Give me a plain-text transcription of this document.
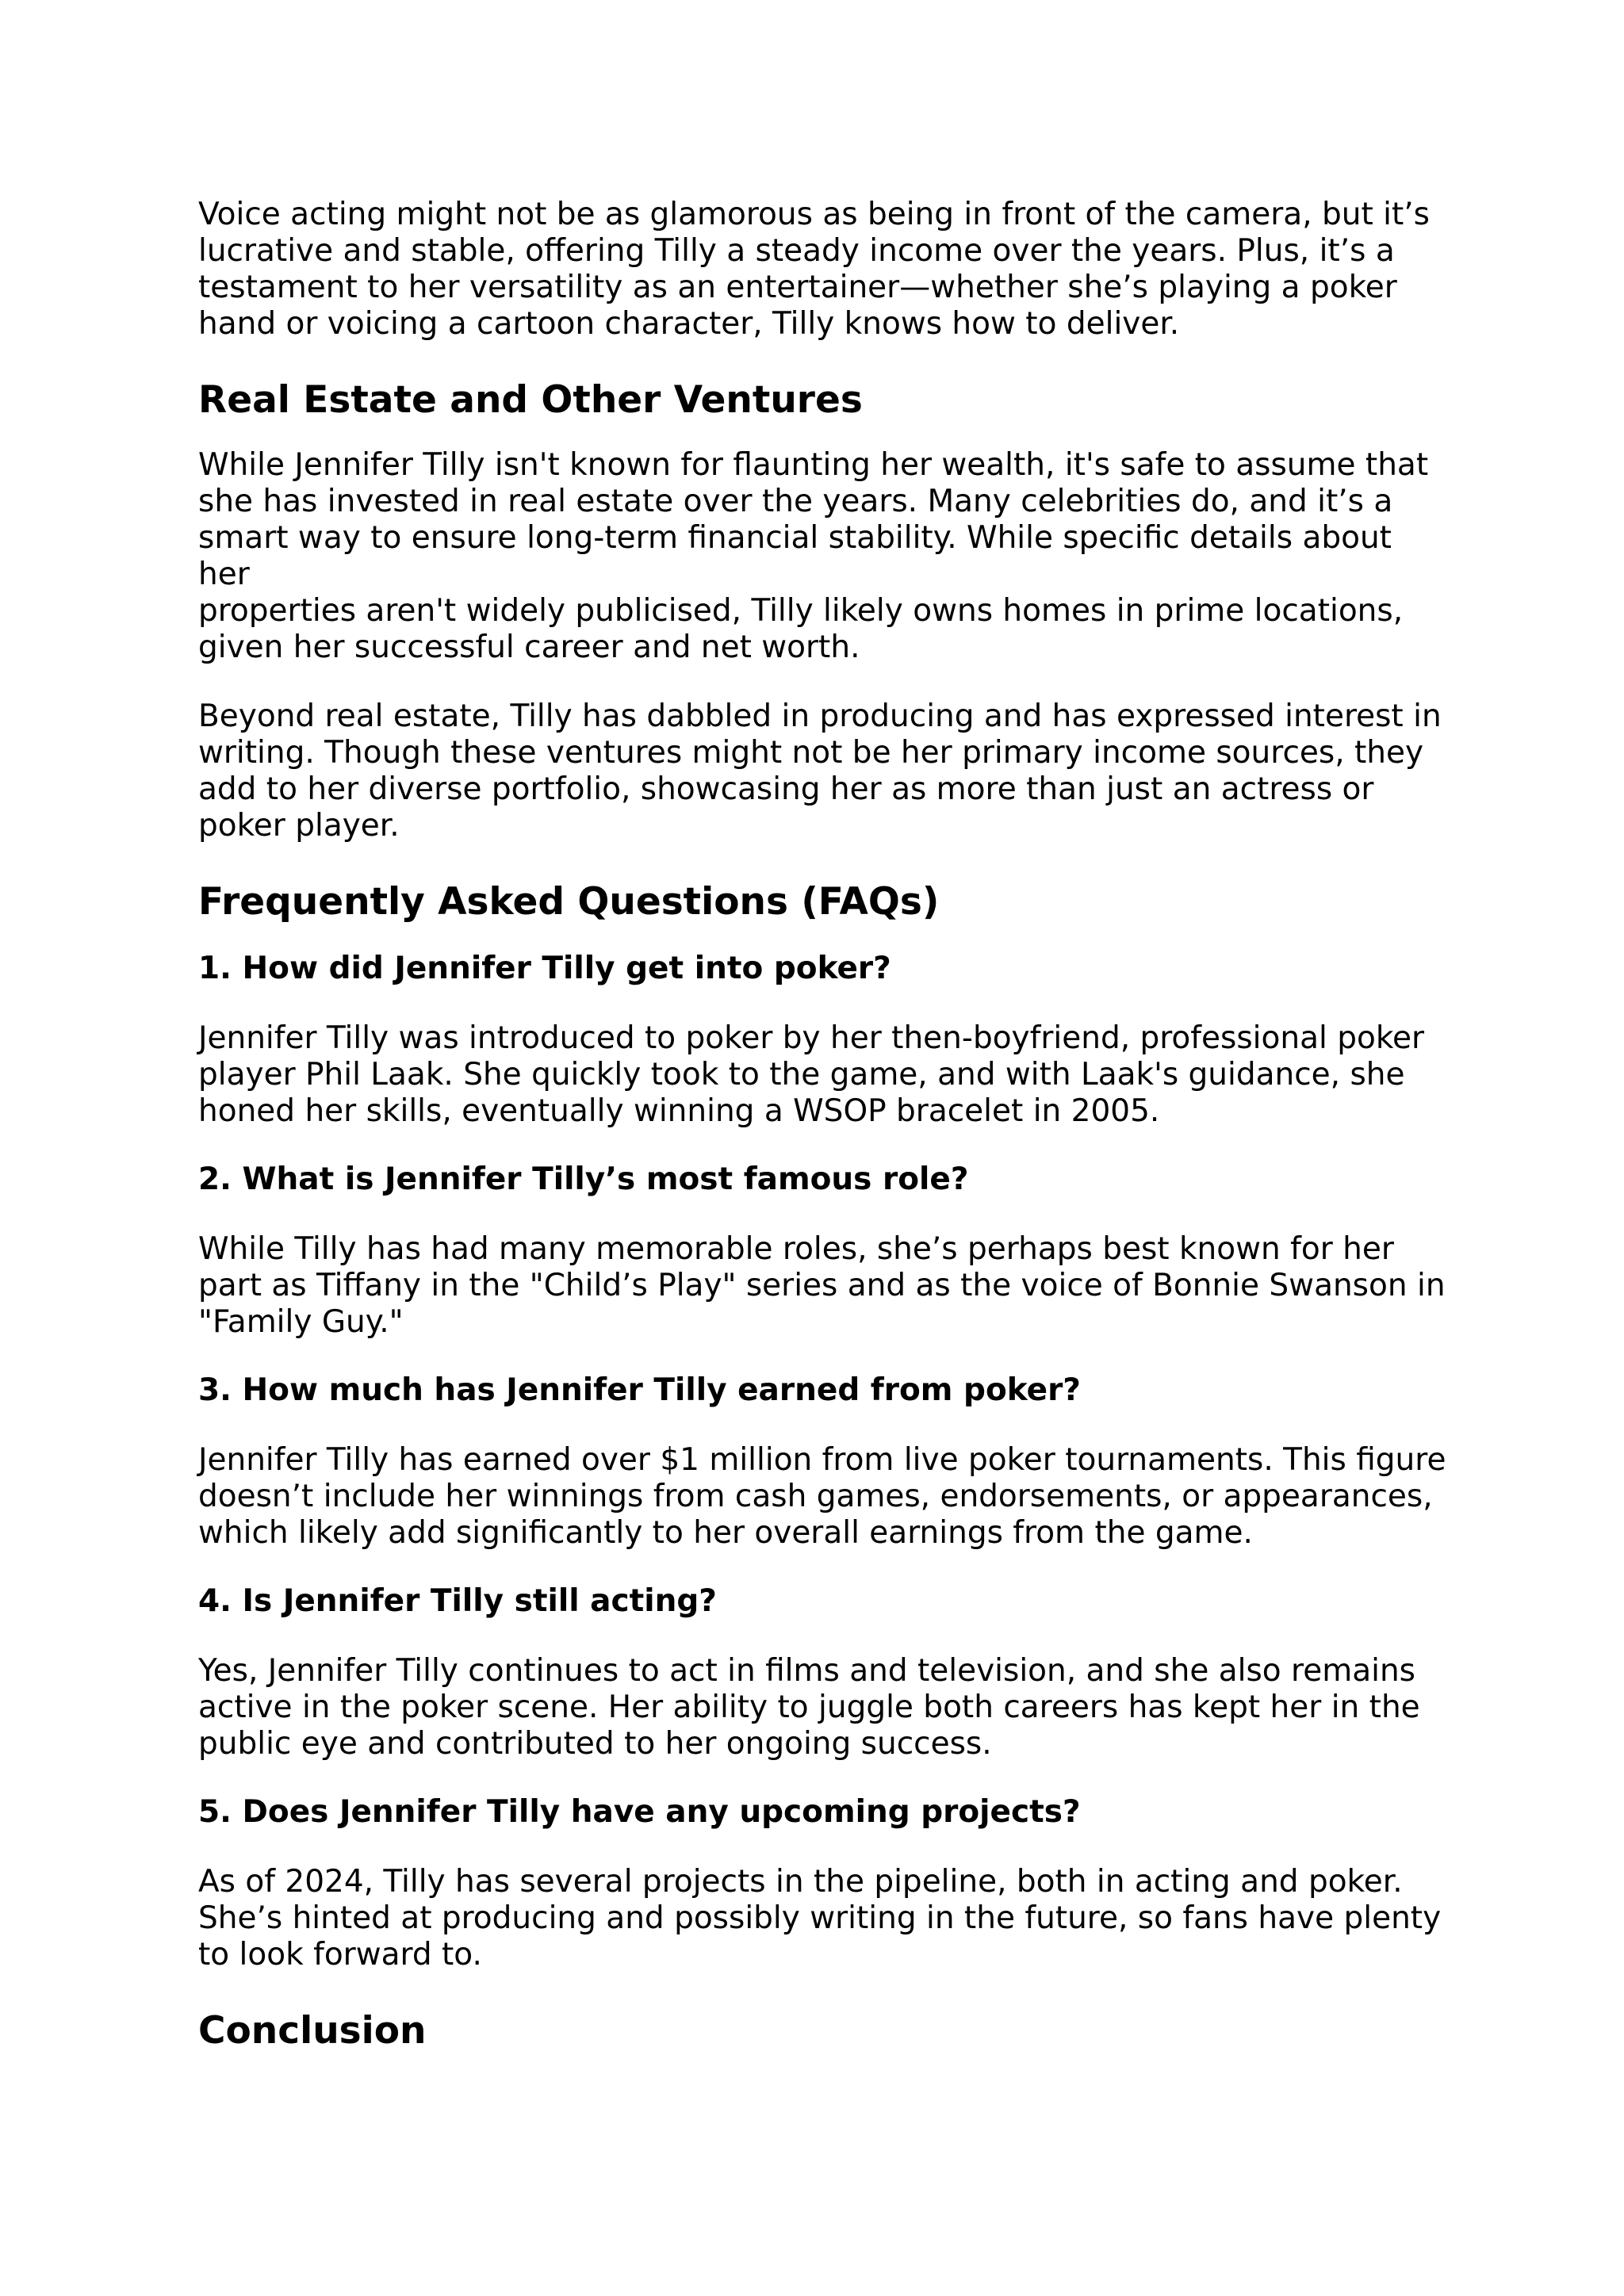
Voice acting might not be as glamorous as being in front of the camera, but it’s
lucrative and stable, offering Tilly a steady income over the years. Plus, it’s a
testament to her versatility as an entertainer—whether she’s playing a poker
hand or voicing a cartoon character, Tilly knows how to deliver.

Real Estate and Other Ventures

While Jennifer Tilly isn't known for flaunting her wealth, it's safe to assume that
she has invested in real estate over the years. Many celebrities do, and it’s a
smart way to ensure long-term financial stability. While specific details about her
properties aren't widely publicised, Tilly likely owns homes in prime locations,
given her successful career and net worth.

Beyond real estate, Tilly has dabbled in producing and has expressed interest in
writing. Though these ventures might not be her primary income sources, they
add to her diverse portfolio, showcasing her as more than just an actress or
poker player.

Frequently Asked Questions (FAQs)
1. How did Jennifer Tilly get into poker?

Jennifer Tilly was introduced to poker by her then-boyfriend, professional poker
player Phil Laak. She quickly took to the game, and with Laak's guidance, she
honed her skills, eventually winning a WSOP bracelet in 2005.

2. What is Jennifer Tilly’s most famous role?

While Tilly has had many memorable roles, she’s perhaps best known for her
part as Tiffany in the "Child’s Play" series and as the voice of Bonnie Swanson in
"Family Guy."

3. How much has Jennifer Tilly earned from poker?

Jennifer Tilly has earned over $1 million from live poker tournaments. This figure
doesn’t include her winnings from cash games, endorsements, or appearances,
which likely add significantly to her overall earnings from the game.

4. Is Jennifer Tilly still acting?

Yes, Jennifer Tilly continues to act in films and television, and she also remains
active in the poker scene. Her ability to juggle both careers has kept her in the
public eye and contributed to her ongoing success.

5. Does Jennifer Tilly have any upcoming projects?

As of 2024, Tilly has several projects in the pipeline, both in acting and poker.
She’s hinted at producing and possibly writing in the future, so fans have plenty
to look forward to.

Conclusion
